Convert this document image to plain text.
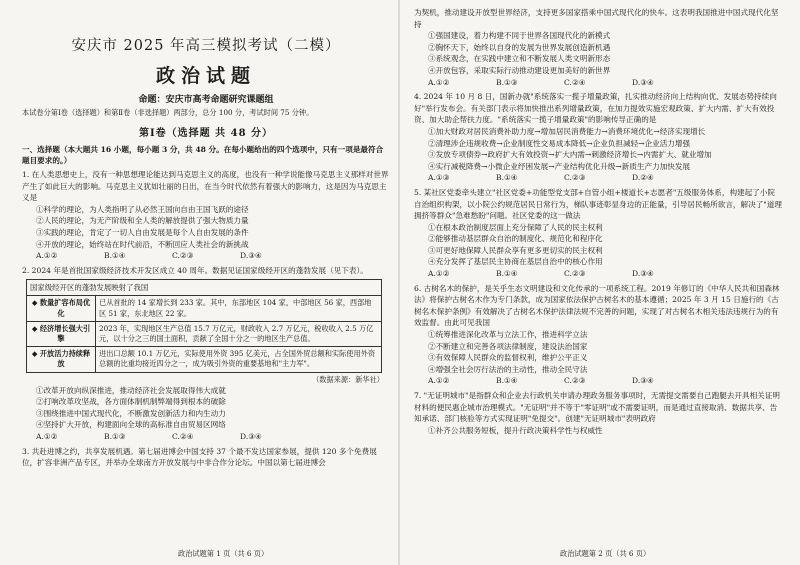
安庆市 2025 年高三模拟考试（二模）
政治试题
命题：安庆市高考命题研究课题组
本试卷分第Ⅰ卷（选择题）和第Ⅱ卷（非选择题）两部分，总分 100 分，考试时间 75 分钟。
第Ⅰ卷（选择题 共 48 分）
一、选择题（本大题共 16 小题，每小题 3 分，共 48 分。在每小题给出的四个选项中，只有一项是最符合题目要求的。）
1. 在人类思想史上，没有一种思想理论能达到马克思主义的高度，也没有一种学说能像马克思主义那样对世界产生了如此巨大的影响。马克思主义犹如壮丽的日出，在当今时代依然有着强大的影响力，这是因为马克思主义是
①科学的理论，为人类指明了从必然王国向自由王国飞跃的途径
②人民的理论，为无产阶级和全人类的解放提供了强大物质力量
③实践的理论，肯定了一切人自由发展是每个人自由发展的条件
④开放的理论，始终站在时代前沿，不断回应人类社会的新挑战
A.①②	B.①④	C.②③	D.③④
2. 2024 年是首批国家级经济技术开发区成立 40 周年。数据见证国家级经开区的蓬勃发展（见下表）。
国家级经开区的蓬勃发展映射了我国	
◆ 数量扩容布局优化	已从首批的 14 家增长到 233 家。其中，东部地区 104 家，中部地区 56 家，西部地区 51 家，东北地区 22 家。
◆ 经济增长强大引擎	2023 年，实现地区生产总值 15.7 万亿元，财政收入 2.7 万亿元，税收收入 2.5 万亿元，以十分之三的国土面积，贡献了全国十分之一的地区生产总值。
◆ 开放活力持续释放	进出口总额 10.1 万亿元，实际使用外资 395 亿美元，占全国外贸总额和实际使用外资总额的比重均接近四分之一，成为吸引外资的重要基地和"主力军"。
（数据来源：新华社）
①改革开放向纵深推进，推动经济社会发展取得伟大成就
②打响改革攻坚战，各方面体制机制弊端得到根本的破除
③围绕推进中国式现代化，不断激发创新活力和内生动力
④坚持扩大开放，构建面向全球的高标准自由贸易区网络
A.①②	B.①③	C.②④	D.③④
3. 共赴进博之约，共享发展机遇。第七届进博会中国支持 37 个最不发达国家参展，提供 120 多个免费展位，扩容非洲产品专区，并举办全球南方开放发展与中非合作分论坛。中国以第七届进博会
政治试题第 1 页（共 6 页）
为契机，推动建设开放型世界经济，支持更多国家搭乘中国式现代化的快车。这表明我国推进中国式现代化坚持
①强国建设，着力构建不同于世界各国现代化的新模式
②胸怀天下，始终以自身的发展为世界发展创造新机遇
③系统观念，在实践中建立和不断发展人类文明新形态
④开放包容，采取实际行动推动建设更加美好的新世界
A.①②	B.①③	C.②④	D.③④
4. 2024 年 10 月 8 日，国新办就"系统落实一揽子增量政策，扎实推动经济向上结构向优、发展态势持续向好"举行发布会。有关部门表示将加快推出系列增量政策，在加力提效实施宏观政策、扩大内需、扩大有效投资、加大助企帮扶力度。"系统落实一揽子增量政策"的影响传导正确的是
①加大财政对居民消费补助力度→增加居民消费能力→消费环境优化→经济实现增长
②清理涉企违规收费→企业制度性交易成本降低→企业负担减轻→企业活力增强
③发放专项债券→政府扩大有效投资→扩大内需→刺激经济增长→内需扩大、就业增加
④实行减税降费→小微企业纾困发展→产业结构优化升级→新质生产力加快发展
A.①③	B.①④	C.②③	D.②④
5. 某社区党委牵头建立"社区党委+功能型党支部+自管小组+楼道长+志愿者"五级服务体系，构建起了小院自治组织构架，以小院公约规范居民日常行为，梯队事迹彰显身边的正能量，引导居民畅所欲言，解决了"道理拥挤等群众"急难愁盼"问题。社区党委的这一做法
①在根本政治制度层面上充分保障了人民的民主权利
②能够推动基层群众自治的制度化、规范化和程序化
③可更好地保障人民群众享有更多更切实的民主权利
④充分发挥了基层民主协商在基层自治中的核心作用
A.①②	B.①④	C.②③	D.③④
6. 古树名木的保护，是关乎生态文明建设和文化传承的一项系统工程。2019 年修订的《中华人民共和国森林法》将保护古树名木作为专门条款，成为国家依法保护古树名木的基本遵循；2025 年 3 月 15 日施行的《古树名木保护条例》有效解决了古树名木保护法律法规不完善的问题，实现了对古树名木相关违法违规行为的有效监督。由此可见我国
①统筹推进深化改革与立法工作，推进科学立法
②不断建立和完善各项法律制度，建设法治国家
③有效保障人民群众的监督权利，维护公平正义
④增强全社会厉行法治的主动性，推动全民守法
A.①②	B.①④	C.②③	D.③④
7. "无证明城市"是指群众和企业去行政机关申请办理政务服务事项时，无需提交需要自己跑腿去开具相关证明材料的便民惠企城市治理模式。"无证明"并不等于"零证明"或不需要证明，而是通过直接取消、数据共享、告知承诺、部门核验等方式实现证明"免提交"。创建"无证明城市"表明政府
①补齐公共服务短板，提升行政决策科学性与权威性
政治试题第 2 页（共 6 页）
